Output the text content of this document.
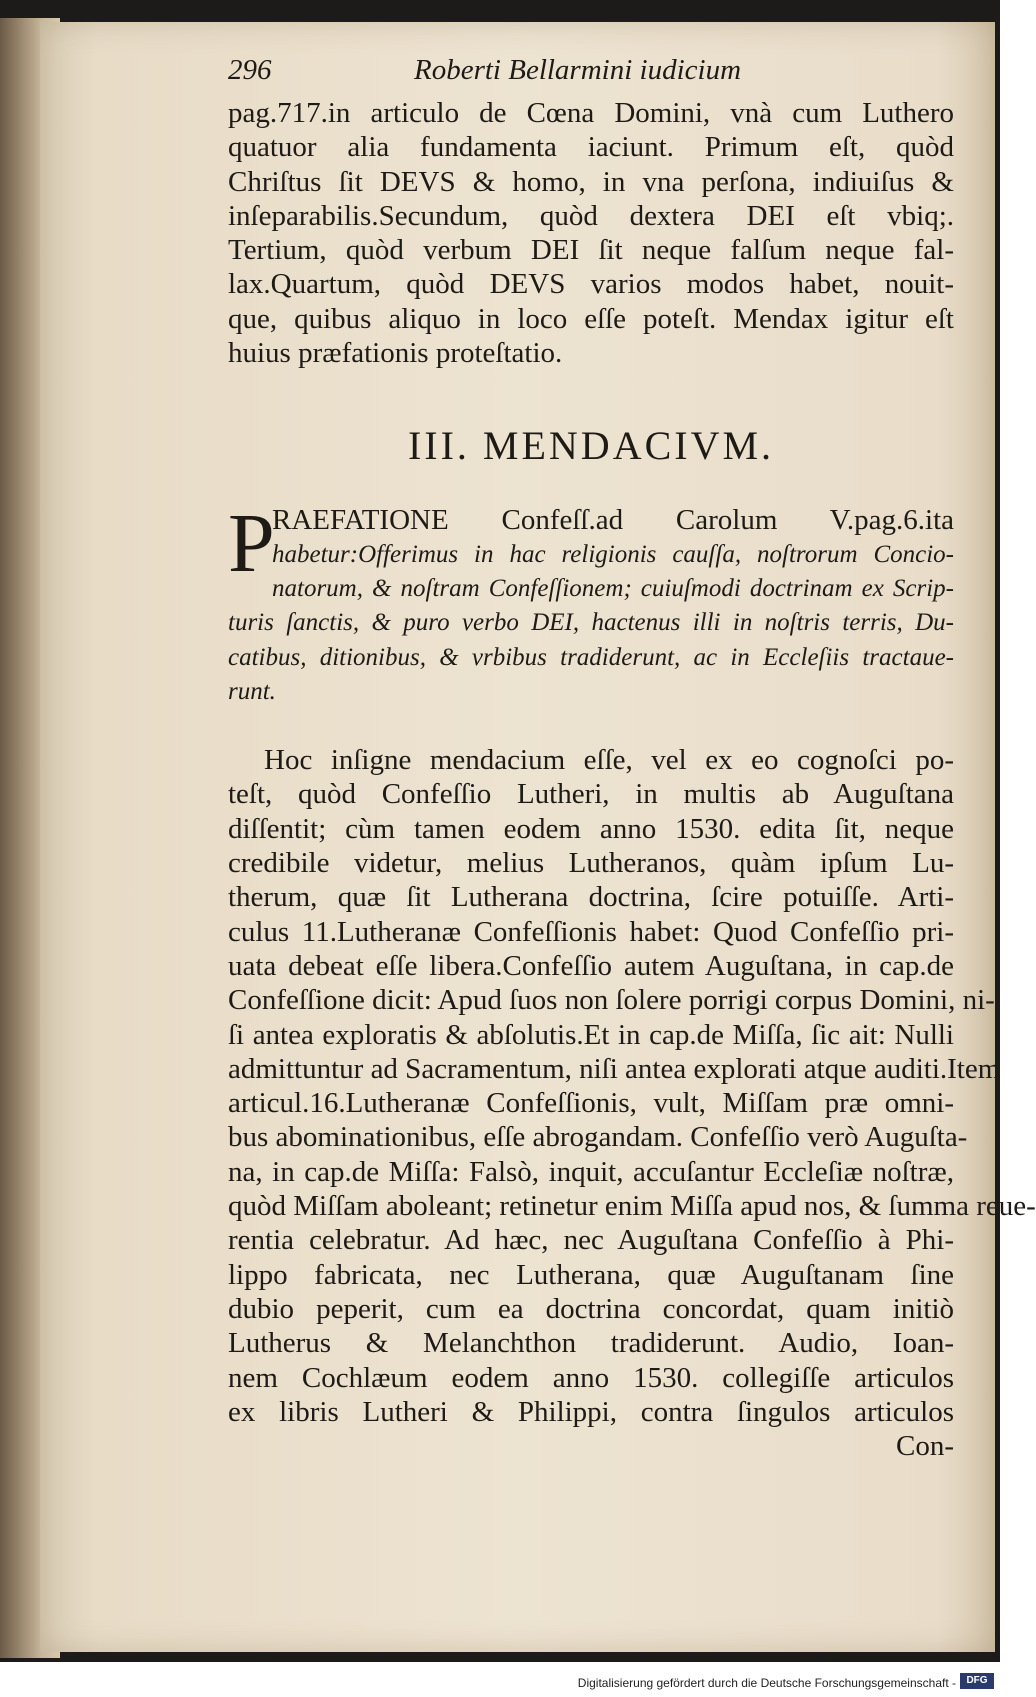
296	Roberti Bellarmini iudicium
pag.717.in articulo de Cœna Domini, vnà cum Luthero
quatuor alia fundamenta iaciunt. Primum eſt, quòd
Chriſtus ſit DEVS & homo, in vna perſona, indiuiſus &
inſeparabilis.Secundum, quòd dextera DEI eſt vbiq;.
Tertium, quòd verbum DEI ſit neque falſum neque fal-
lax.Quartum, quòd DEVS varios modos habet, nouit-
que, quibus aliquo in loco eſſe poteſt. Mendax igitur eſt
huius præfationis proteſtatio.
III. MENDACIVM.
P
RAEFATIONE Confeſſ.ad Carolum V.pag.6.ita
habetur:Offerimus in hac religionis cauſſa, noſtrorum Concio-
natorum, & noſtram Confeſſionem; cuiuſmodi doctrinam ex Scrip-
turis ſanctis, & puro verbo DEI, hactenus illi in noſtris terris, Du-
catibus, ditionibus, & vrbibus tradiderunt, ac in Eccleſiis tractaue-
runt.
Hoc inſigne mendacium eſſe, vel ex eo cognoſci po-
teſt, quòd Confeſſio Lutheri, in multis ab Auguſtana
diſſentit; cùm tamen eodem anno 1530. edita ſit, neque
credibile videtur, melius Lutheranos, quàm ipſum Lu-
therum, quæ ſit Lutherana doctrina, ſcire potuiſſe. Arti-
culus 11.Lutheranæ Confeſſionis habet: Quod Confeſſio pri-
uata debeat eſſe libera.Confeſſio autem Auguſtana, in cap.de
Confeſſione dicit: Apud ſuos non ſolere porrigi corpus Domini, ni-
ſi antea exploratis & abſolutis.Et in cap.de Miſſa, ſic ait: Nulli
admittuntur ad Sacramentum, niſi antea explorati atque auditi.Item
articul.16.Lutheranæ Confeſſionis, vult, Miſſam præ omni-
bus abominationibus, eſſe abrogandam. Confeſſio verò Auguſta-
na, in cap.de Miſſa: Falsò, inquit, accuſantur Eccleſiæ noſtræ,
quòd Miſſam aboleant; retinetur enim Miſſa apud nos, & ſumma reue-
rentia celebratur. Ad hæc, nec Auguſtana Confeſſio à Phi-
lippo fabricata, nec Lutherana, quæ Auguſtanam ſine
dubio peperit, cum ea doctrina concordat, quam initiò
Lutherus & Melanchthon tradiderunt. Audio, Ioan-
nem Cochlæum eodem anno 1530. collegiſſe articulos
ex libris Lutheri & Philippi, contra ſingulos articulos
Con-
Digitalisierung gefördert durch die Deutsche Forschungsgemeinschaft -	DFG
